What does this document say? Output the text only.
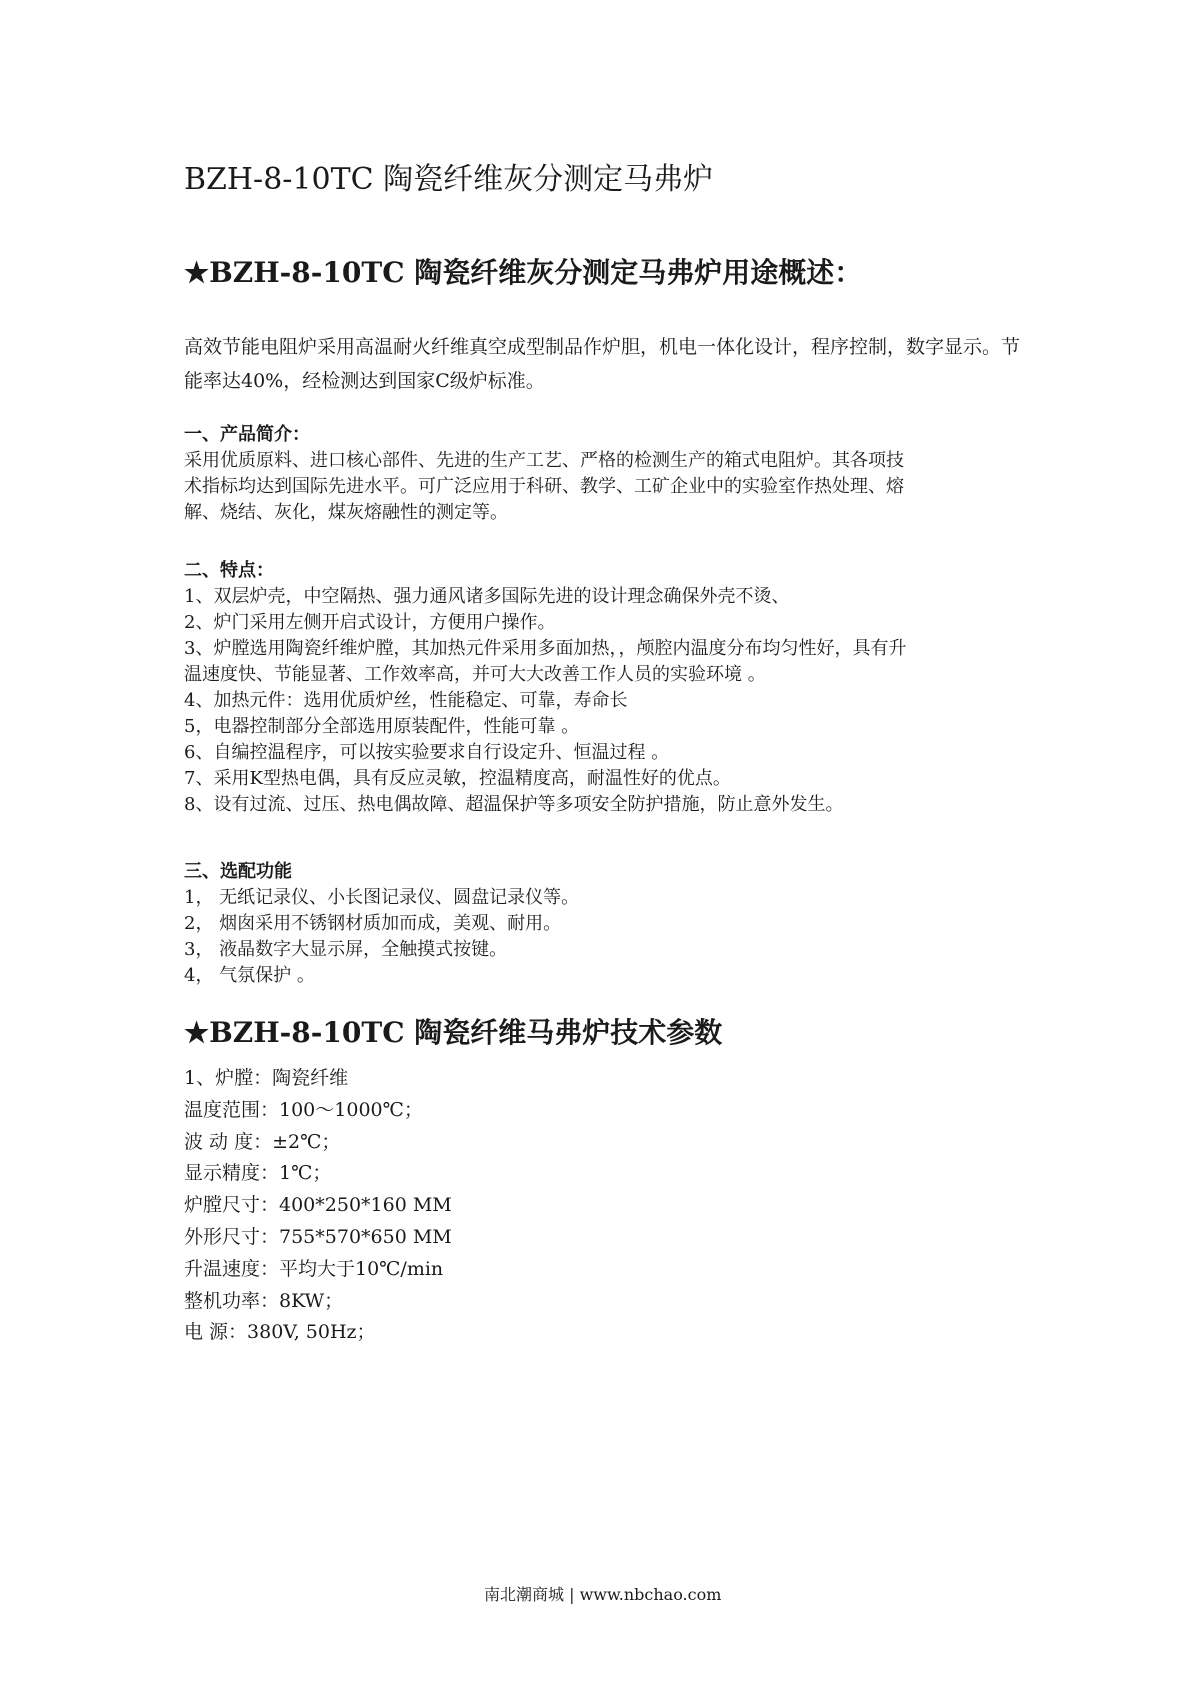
BZH-8-10TC 陶瓷纤维灰分测定马弗炉
★BZH-8-10TC 陶瓷纤维灰分测定马弗炉用途概述：
高效节能电阻炉采用高温耐火纤维真空成型制品作炉胆，机电一体化设计，程序控制，数字显示。节能率达40%，经检测达到国家C级炉标准。

一、产品简介：

采用优质原料、进口核心部件、先进的生产工艺、严格的检测生产的箱式电阻炉。其各项技

术指标均达到国际先进水平。可广泛应用于科研、教学、工矿企业中的实验室作热处理、熔

解、烧结、灰化，煤灰熔融性的测定等。

二、特点：

1、双层炉壳，中空隔热、强力通风诸多国际先进的设计理念确保外壳不烫、

2、炉门采用左侧开启式设计，方便用户操作。

3、炉膛选用陶瓷纤维炉膛，其加热元件采用多面加热，，颅腔内温度分布均匀性好，具有升

温速度快、节能显著、工作效率高，并可大大改善工作人员的实验环境 。

4、加热元件：选用优质炉丝，性能稳定、可靠，寿命长

5，电器控制部分全部选用原装配件，性能可靠 。

6、自编控温程序，可以按实验要求自行设定升、恒温过程 。

7、采用K型热电偶，具有反应灵敏，控温精度高，耐温性好的优点。

8、设有过流、过压、热电偶故障、超温保护等多项安全防护措施，防止意外发生。

三、选配功能

1， 无纸记录仪、小长图记录仪、圆盘记录仪等。

2， 烟囱采用不锈钢材质加而成，美观、耐用。

3， 液晶数字大显示屏，全触摸式按键。

4， 气氛保护 。

★BZH-8-10TC 陶瓷纤维马弗炉技术参数

1、炉膛：陶瓷纤维

温度范围：100～1000℃；

波 动 度：±2℃；

显示精度：1℃；

炉膛尺寸：400*250*160 MM

外形尺寸：755*570*650 MM

升温速度：平均大于10℃/min

整机功率：8KW；

电 源：380V, 50Hz；

南北潮商城 | www.nbchao.com
